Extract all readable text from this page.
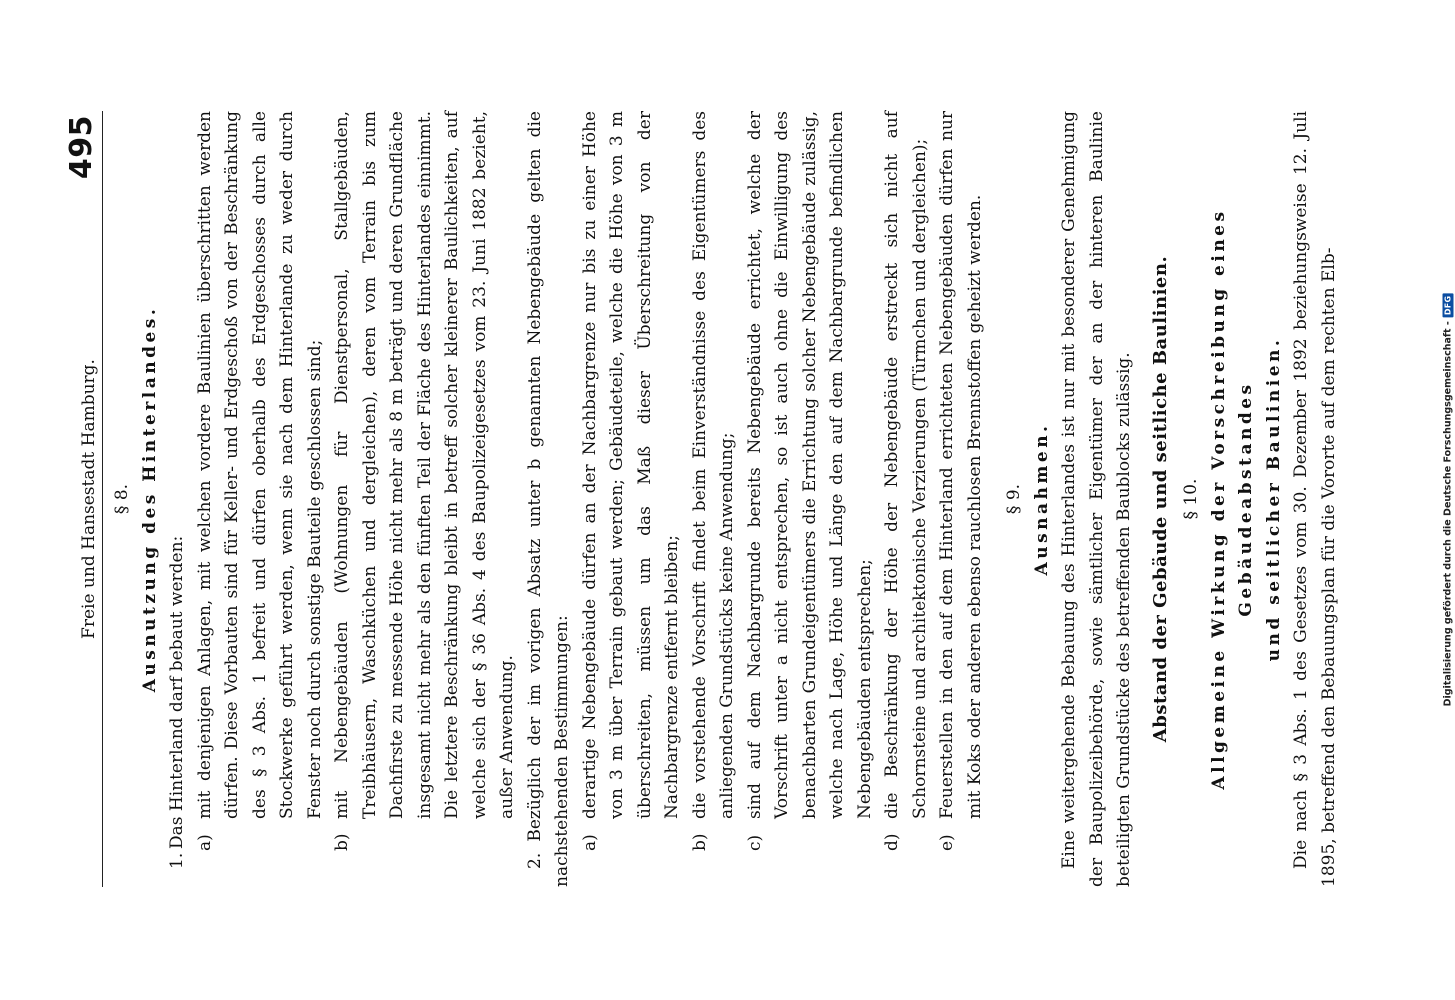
Freie und Hansestadt Hamburg.
495
§ 8. Ausnutzung des Hinterlandes.
1.
Das Hinterland darf bebaut werden: a)
mit denjenigen Anlagen, mit welchen vordere Baulinien überschritten werden dürfen. Diese Vorbauten sind für Keller- und Erdgeschoß von der Beschränkung des § 3 Abs. 1 befreit und dürfen oberhalb des Erdgeschosses durch alle Stockwerke geführt werden, wenn sie nach dem Hinterlande zu weder durch Fenster noch durch sonstige Bauteile geschlossen sind;
b)
mit Nebengebäuden (Wohnungen für Dienstpersonal, Stallgebäuden, Treibhäusern, Waschküchen und dergleichen), deren vom Terrain bis zum Dachfirste zu messende Höhe nicht mehr als 8 m beträgt und deren Grundfläche insgesamt nicht mehr als den fünften Teil der Fläche des Hinterlandes einnimmt. Die letztere Beschränkung bleibt in betreff solcher kleinerer Baulichkeiten, auf welche sich der § 36 Abs. 4 des Baupolizeigesetzes vom 23. Juni 1882 bezieht, außer Anwendung.

2. Bezüglich der im vorigen Absatz unter b genannten Nebengebäude gelten die nachstehenden Bestimmungen: a)
derartige Nebengebäude dürfen an der Nachbargrenze nur bis zu einer Höhe von 3 m über Terrain gebaut werden; Gebäudeteile, welche die Höhe von 3 m überschreiten, müssen um das Maß dieser Überschreitung von der Nachbargrenze entfernt bleiben;
b)
die vorstehende Vorschrift findet beim Einverständnisse des Eigentümers des anliegenden Grundstücks keine Anwendung;
c)
sind auf dem Nachbargrunde bereits Nebengebäude errichtet, welche der Vorschrift unter a nicht entsprechen, so ist auch ohne die Einwilligung des benachbarten Grundeigentümers die Errichtung solcher Nebengebäude zulässig, welche nach Lage, Höhe und Länge den auf dem Nachbargrunde befindlichen Nebengebäuden entsprechen;
d)
die Beschränkung der Höhe der Nebengebäude erstreckt sich nicht auf Schornsteine und architektonische Verzierungen (Türmchen und dergleichen);
e)
Feuerstellen in den auf dem Hinterland errichteten Nebengebäuden dürfen nur mit Koks oder anderen ebenso rauchlosen Brennstoffen geheizt werden. § 9. Ausnahmen. Eine weitergehende Bebauung des Hinterlandes ist nur mit besonderer Genehmigung der Baupolizeibehörde, sowie sämtlicher Eigentümer der an der hinteren Baulinie beteiligten Grundstücke des betreffenden Baublocks zulässig. Abstand der Gebäude und seitliche Baulinien. § 10. Allgemeine Wirkung der Vorschreibung eines Gebäudeabstandes und seitlicher Baulinien. Die nach § 3 Abs. 1 des Gesetzes vom 30. Dezember 1892 beziehungsweise 12. Juli 1895, betreffend den Bebauungsplan für die Vororte auf dem rechten Elb-	Digitalisierung gefördert durch die Deutsche Forschungsgemeinschaft -
DFG
